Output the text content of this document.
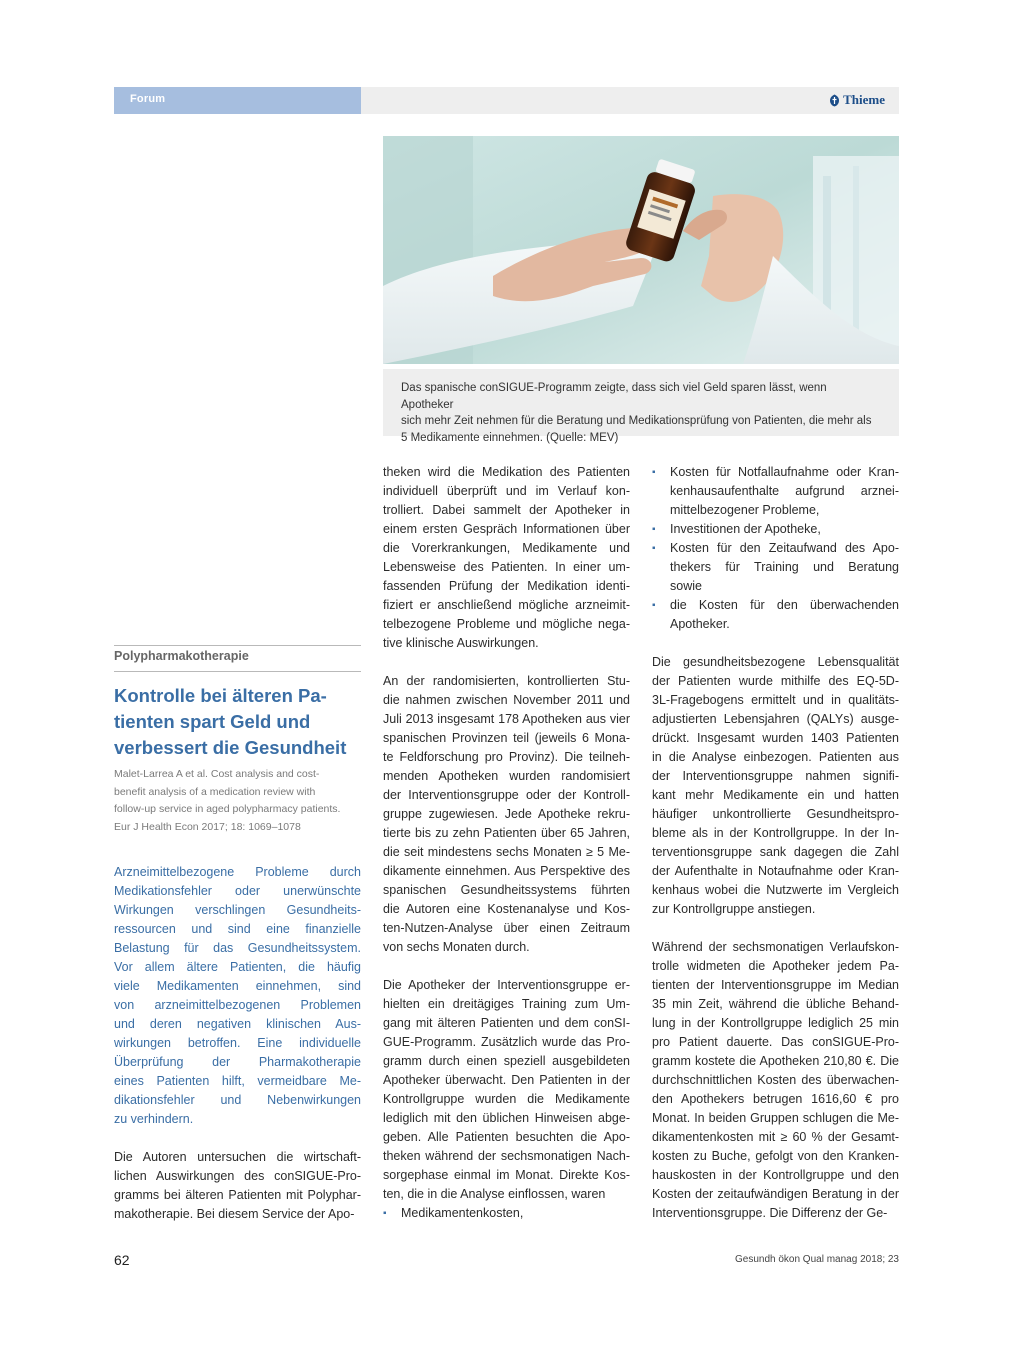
Forum	Thieme
Das spanische conSIGUE-Programm zeigte, dass sich viel Geld sparen lässt, wenn Apotheker
sich mehr Zeit nehmen für die Beratung und Medikationsprüfung von Patienten, die mehr als
5 Medikamente einnehmen. (Quelle: MEV)
Polypharmakotherapie
Kontrolle bei älteren Pa-
tienten spart Geld und
verbessert die Gesundheit
Malet-Larrea A et al. Cost analysis and cost-
benefit analysis of a medication review with
follow-up service in aged polypharmacy patients.
Eur J Health Econ 2017; 18: 1069–1078
Arzneimittelbezogene Probleme durch
Medikationsfehler oder unerwünschte
Wirkungen verschlingen Gesundheits-
ressourcen und sind eine finanzielle
Belastung für das Gesundheitssystem.
Vor allem ältere Patienten, die häufig
viele Medikamenten einnehmen, sind
von arzneimittelbezogenen Problemen
und deren negativen klinischen Aus-
wirkungen betroffen. Eine individuelle
Überprüfung der Pharmakotherapie
eines Patienten hilft, vermeidbare Me-
dikationsfehler und Nebenwirkungen
zu verhindern.
Die Autoren untersuchen die wirtschaft-
lichen Auswirkungen des conSIGUE-Pro-
gramms bei älteren Patienten mit Polyphar-
makotherapie. Bei diesem Service der Apo-
theken wird die Medikation des Patienten
individuell überprüft und im Verlauf kon-
trolliert. Dabei sammelt der Apotheker in
einem ersten Gespräch Informationen über
die Vorerkrankungen, Medikamente und
Lebensweise des Patienten. In einer um-
fassenden Prüfung der Medikation identi-
fiziert er anschließend mögliche arzneimit-
telbezogene Probleme und mögliche nega-
tive klinische Auswirkungen.
An der randomisierten, kontrollierten Stu-
die nahmen zwischen November 2011 und
Juli 2013 insgesamt 178 Apotheken aus vier
spanischen Provinzen teil (jeweils 6 Mona-
te Feldforschung pro Provinz). Die teilneh-
menden Apotheken wurden randomisiert
der Interventionsgruppe oder der Kontroll-
gruppe zugewiesen. Jede Apotheke rekru-
tierte bis zu zehn Patienten über 65 Jahren,
die seit mindestens sechs Monaten ≥ 5 Me-
dikamente einnehmen. Aus Perspektive des
spanischen Gesundheitssystems führten
die Autoren eine Kostenanalyse und Kos-
ten-Nutzen-Analyse über einen Zeitraum
von sechs Monaten durch.
Die Apotheker der Interventionsgruppe er-
hielten ein dreitägiges Training zum Um-
gang mit älteren Patienten und dem conSI-
GUE-Programm. Zusätzlich wurde das Pro-
gramm durch einen speziell ausgebildeten
Apotheker überwacht. Den Patienten in der
Kontrollgruppe wurden die Medikamente
lediglich mit den üblichen Hinweisen abge-
geben. Alle Patienten besuchten die Apo-
theken während der sechsmonatigen Nach-
sorgephase einmal im Monat. Direkte Kos-
ten, die in die Analyse einflossen, waren
▪ Medikamentenkosten,
▪ Kosten für Notfallaufnahme oder Kran-
kenhausaufenthalte aufgrund arznei-
mittelbezogener Probleme,
▪ Investitionen der Apotheke,
▪ Kosten für den Zeitaufwand des Apo-
thekers für Training und Beratung
sowie
▪ die Kosten für den überwachenden
Apotheker.
Die gesundheitsbezogene Lebensqualität
der Patienten wurde mithilfe des EQ-5D-
3L-Fragebogens ermittelt und in qualitäts-
adjustierten Lebensjahren (QALYs) ausge-
drückt. Insgesamt wurden 1403 Patienten
in die Analyse einbezogen. Patienten aus
der Interventionsgruppe nahmen signifi-
kant mehr Medikamente ein und hatten
häufiger unkontrollierte Gesundheitspro-
bleme als in der Kontrollgruppe. In der In-
terventionsgruppe sank dagegen die Zahl
der Aufenthalte in Notaufnahme oder Kran-
kenhaus wobei die Nutzwerte im Vergleich
zur Kontrollgruppe anstiegen.
Während der sechsmonatigen Verlaufskon-
trolle widmeten die Apotheker jedem Pa-
tienten der Interventionsgruppe im Median
35 min Zeit, während die übliche Behand-
lung in der Kontrollgruppe lediglich 25 min
pro Patient dauerte. Das conSIGUE-Pro-
gramm kostete die Apotheken 210,80 €. Die
durchschnittlichen Kosten des überwachen-
den Apothekers betrugen 1616,60 € pro
Monat. In beiden Gruppen schlugen die Me-
dikamentenkosten mit ≥ 60 % der Gesamt-
kosten zu Buche, gefolgt von den Kranken-
hauskosten in der Kontrollgruppe und den
Kosten der zeitaufwändigen Beratung in der
Interventionsgruppe. Die Differenz der Ge-
62	Gesundh ökon Qual manag 2018; 23
